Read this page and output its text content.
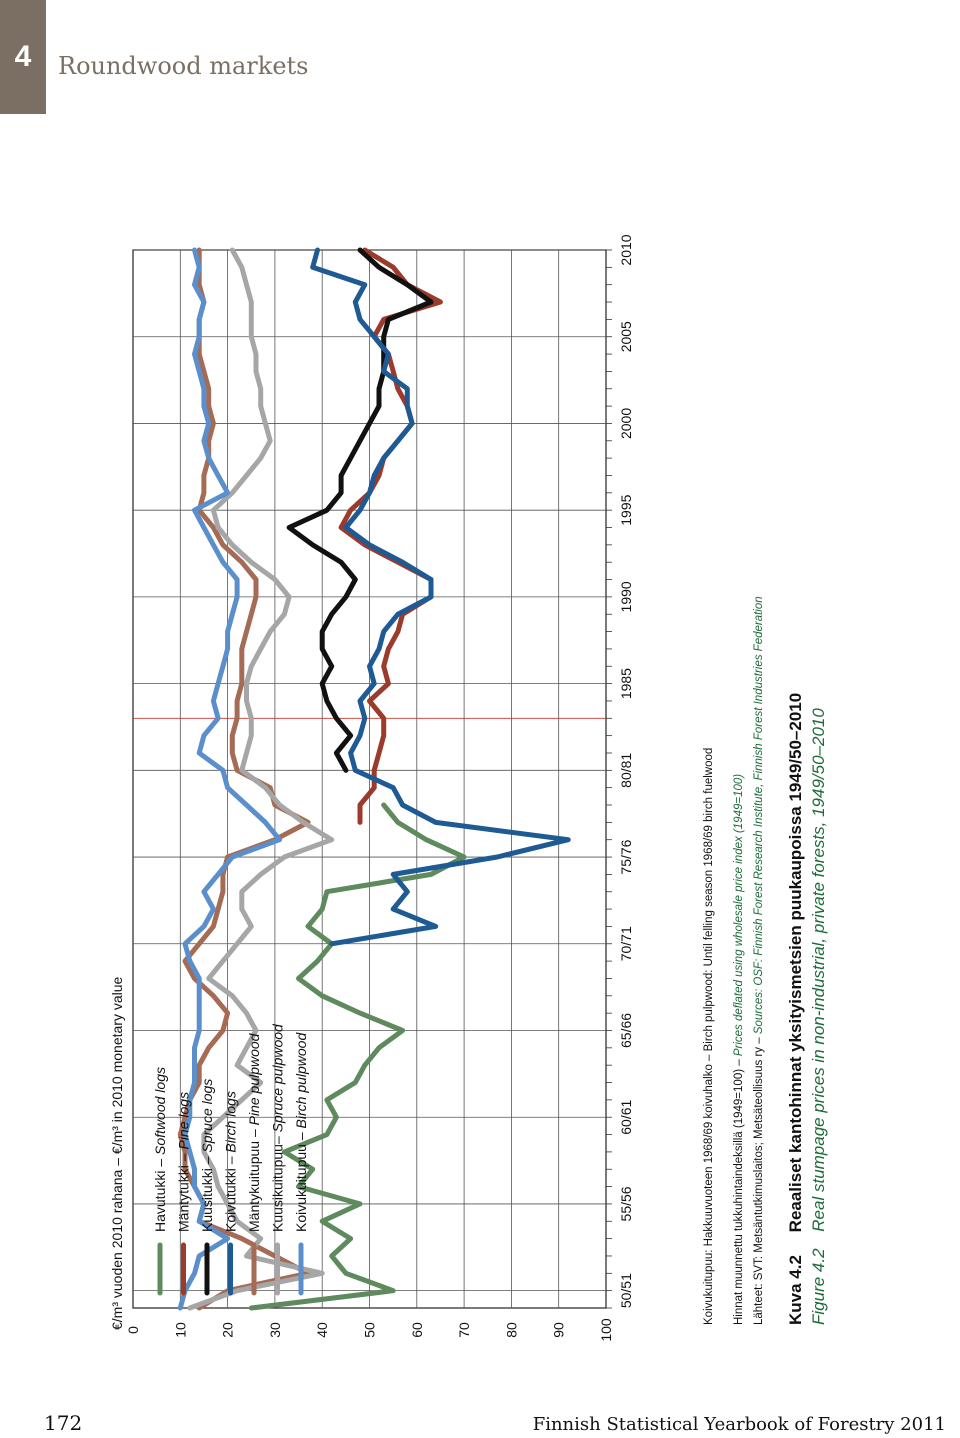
4	Roundwood markets
0 10 20 30 40 50 60 70 80 90 100
50/51
55/56
60/61
65/66
70/71
75/76
80/81
1985
1990
1995
2000
2005
2010
Havutukki – Softwood logs
Mäntytukki – Pine logs
Kuusitukki – Spruce logs
Koivutukki – Birch logs
Mäntykuitupuu – Pine pulpwood
Kuusikuitupuu– Spruce pulpwood
Koivukuitupuu – Birch pulpwood
€/m³ vuoden 2010 rahana – €/m³ in 2010 monetary value	Koivukuitupuu: Hakkuuvuoteen 1968/69 koivuhalko – Birch pulpwood: Until felling season 1968/69 birch fuelwood Hinnat muunnettu tukkuhintaindeksillä (1949=100) – Prices deflated using wholesale price index (1949=100)
Lähteet: SVT: Metsäntutkimuslaitos; Metsäteollisuus ry – Sources: OSF: Finnish Forest Research Institute, Finnish Forest Industries Federation
Kuva 4.2 Reaaliset kantohinnat yksityismetsien puukaupoissa 1949/50–2010
Figure 4.2 Real stumpage prices in non-industrial, private forests, 1949/50–2010
172	Finnish Statistical Yearbook of Forestry 2011
